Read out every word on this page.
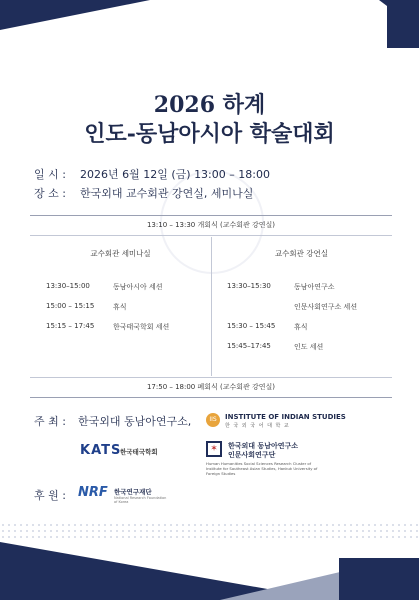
2026 하계
인도-동남아시아 학술대회
일 시 : 2026년 6월 12일 (금) 13:00 – 18:00
장 소 : 한국외대 교수회관 강연실, 세미나실
13:10 – 13:30 개회식 (교수회관 강연실)
교수회관 세미나실	교수회관 강연실
13:30–15:00	동남아시아 세션
15:00 – 15:15	휴식
15:15 – 17:45	한국태국학회 세션
13:30–15:30	동남아연구소
인문사회연구소 세션
15:30 – 15:45	휴식
15:45–17:45	인도 세션
17:50 – 18:00 폐회식 (교수회관 강연실)
주 최 : 한국외대 동남아연구소,	IIS	INSTITUTE OF INDIAN STUDIES
한 국 외 국 어 대 학 교
KATS
한국태국학회	✶	한국외대 동남아연구소
인문사회연구단
Human Humanities Social Sciences Research Cluster of Institute for Southeast Asian Studies, Hankuk University of Foreign Studies
후 원 : NRF 한국연구재단
National Research Foundation of Korea
